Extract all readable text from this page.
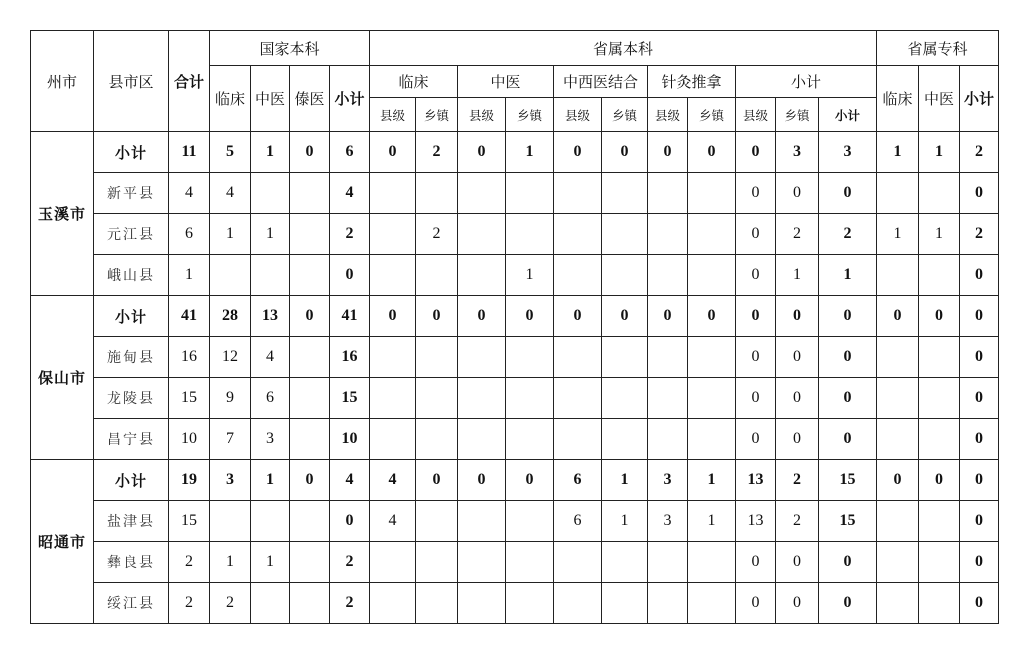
州市	县市区	合计	国家本科				省属本科											省属专科		
			临床	中医	傣医	小计	临床		中医		中西医结合		针灸推拿		小计			临床	中医	小计
							县级	乡镇	县级	乡镇	县级	乡镇	县级	乡镇	县级	乡镇	小计			
玉溪市	小计	11	5	1	0	6	0	2	0	1	0	0	0	0	0	3	3	1	1	2
	新平县	4	4			4									0	0	0			0
	元江县	6	1	1		2		2							0	2	2	1	1	2
	峨山县	1				0				1					0	1	1			0
保山市	小计	41	28	13	0	41	0	0	0	0	0	0	0	0	0	0	0	0	0	0
	施甸县	16	12	4		16									0	0	0			0
	龙陵县	15	9	6		15									0	0	0			0
	昌宁县	10	7	3		10									0	0	0			0
昭通市	小计	19	3	1	0	4	4	0	0	0	6	1	3	1	13	2	15	0	0	0
	盐津县	15				0	4				6	1	3	1	13	2	15			0
	彝良县	2	1	1		2									0	0	0			0
	绥江县	2	2			2									0	0	0			0
